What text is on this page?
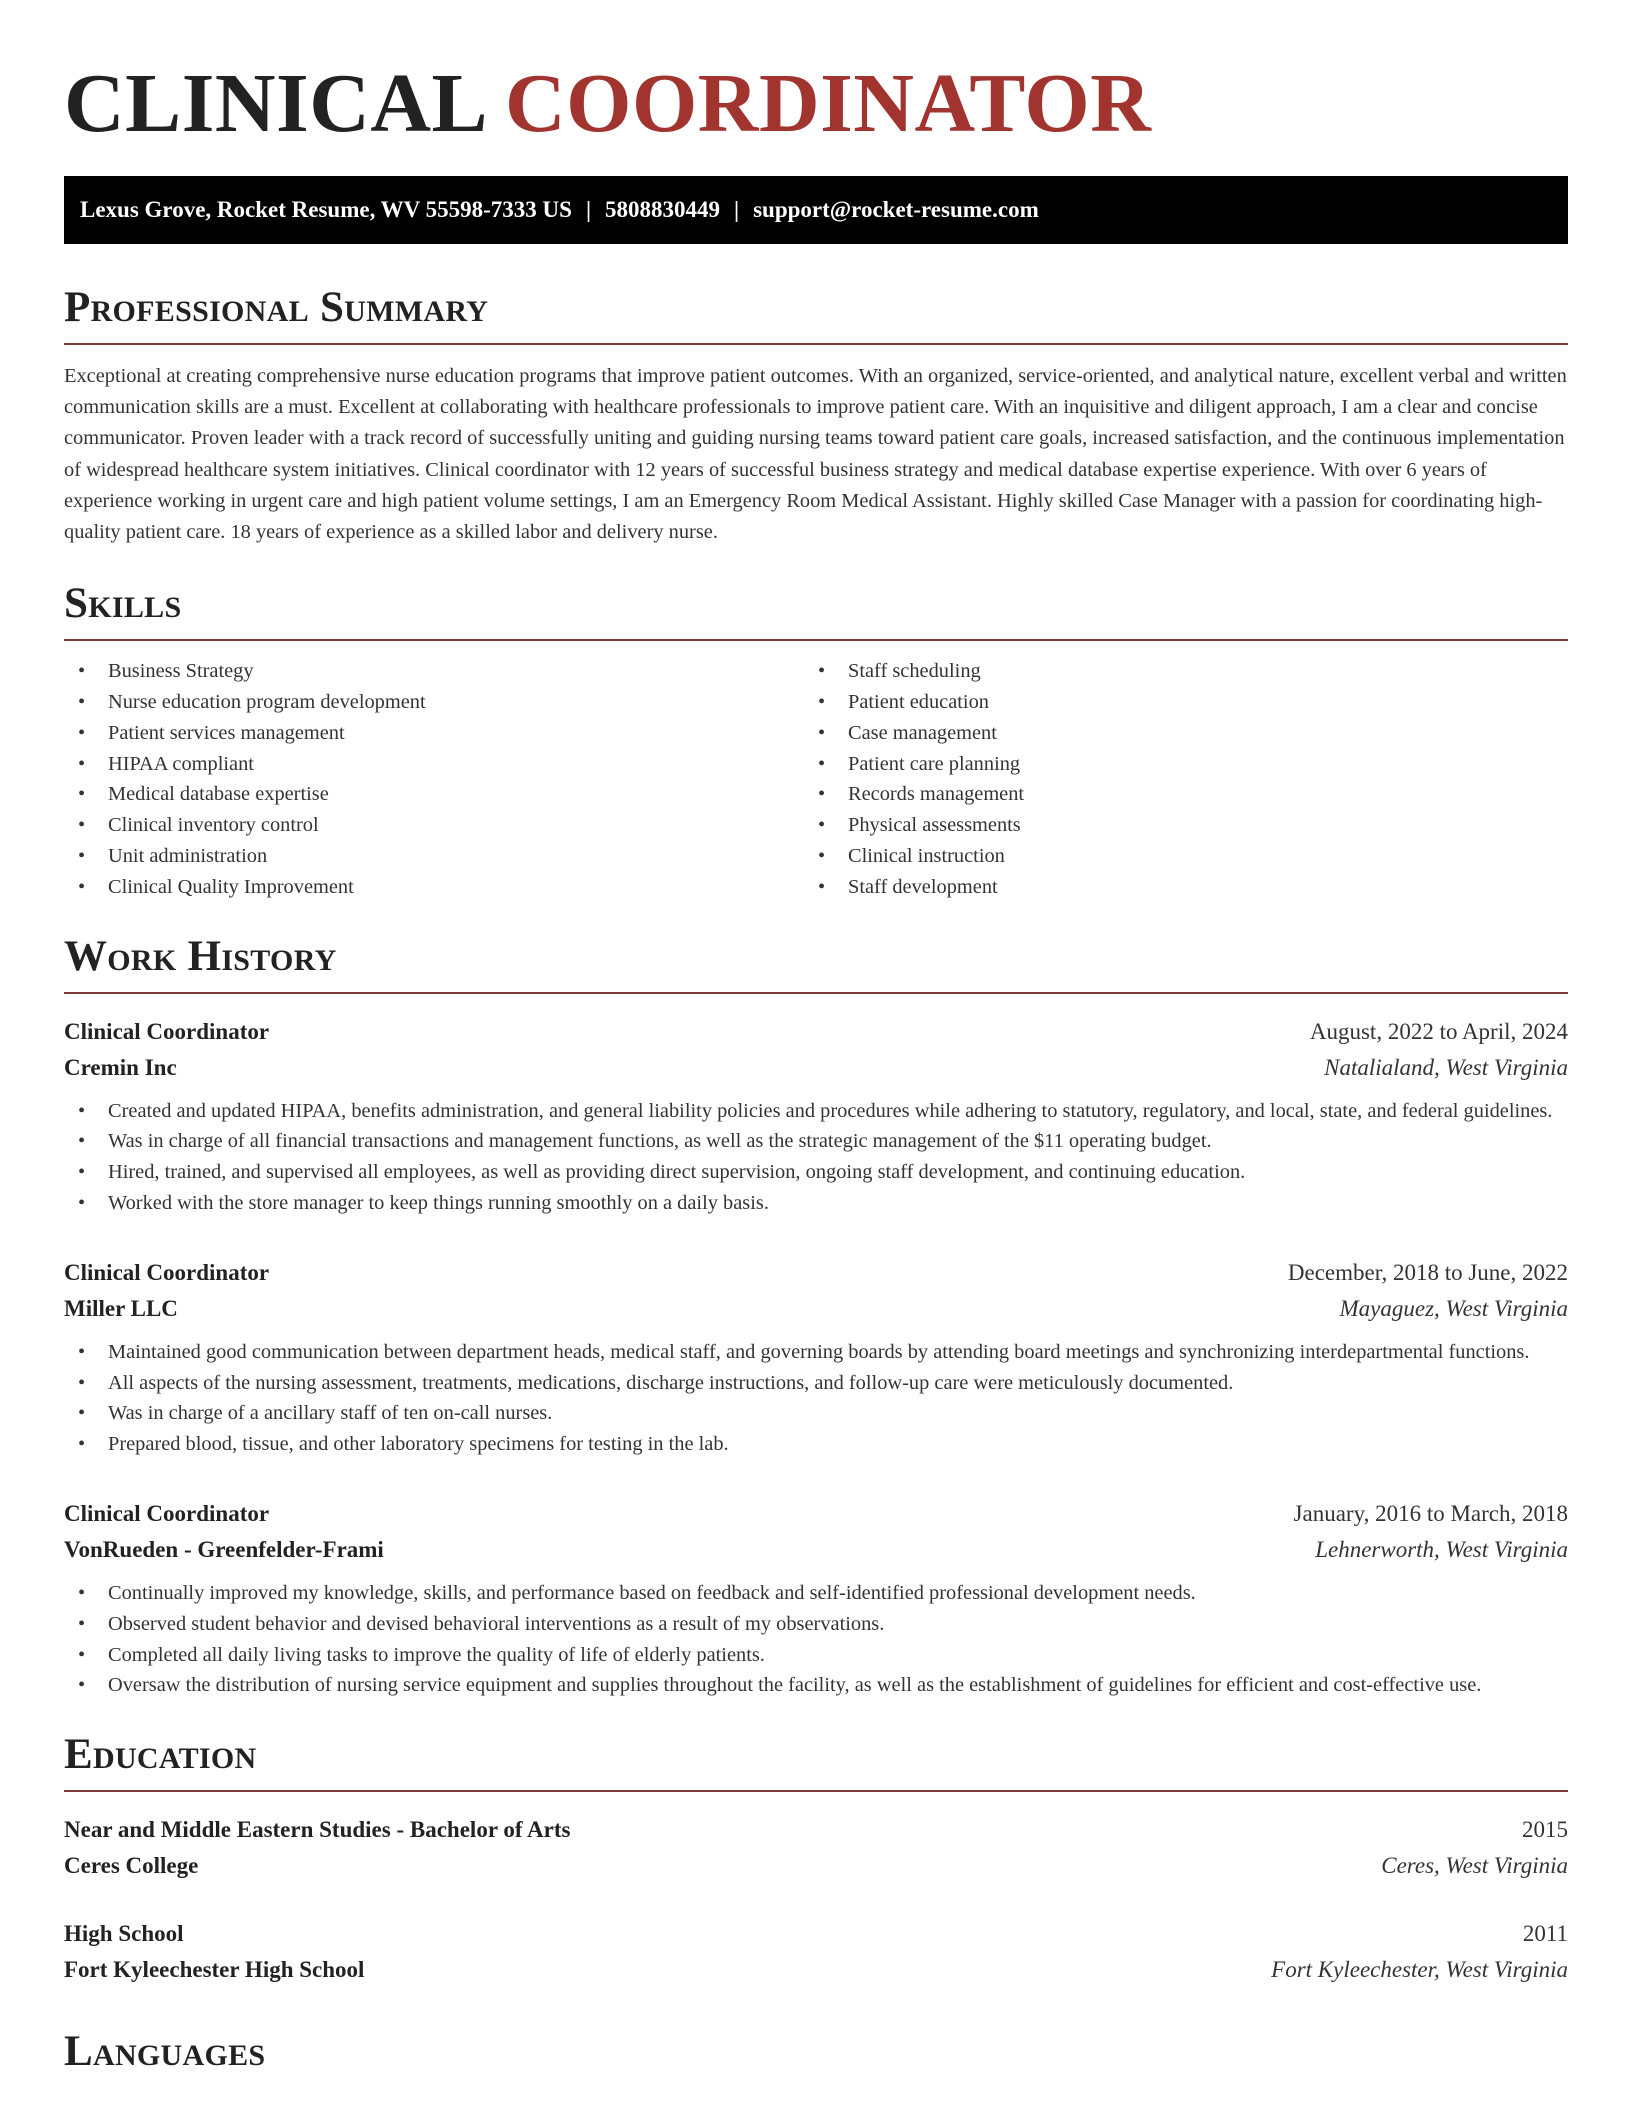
CLINICAL COORDINATOR
Lexus Grove, Rocket Resume, WV 55598-7333 US | 5808830449 | support@rocket-resume.com
Professional Summary

Exceptional at creating comprehensive nurse education programs that improve patient outcomes. With an organized, service-oriented, and analytical nature, excellent verbal and written communication skills are a must. Excellent at collaborating with healthcare professionals to improve patient care. With an inquisitive and diligent approach, I am a clear and concise communicator. Proven leader with a track record of successfully uniting and guiding nursing teams toward patient care goals, increased satisfaction, and the continuous implementation of widespread healthcare system initiatives. Clinical coordinator with 12 years of successful business strategy and medical database expertise experience. With over 6 years of experience working in urgent care and high patient volume settings, I am an Emergency Room Medical Assistant. Highly skilled Case Manager with a passion for coordinating high-quality patient care. 18 years of experience as a skilled labor and delivery nurse.

Skills
• Business Strategy
• Nurse education program development
• Patient services management
• HIPAA compliant
• Medical database expertise
• Clinical inventory control
• Unit administration
• Clinical Quality Improvement
• Staff scheduling
• Patient education
• Case management
• Patient care planning
• Records management
• Physical assessments
• Clinical instruction
• Staff development
Work History
Clinical Coordinator	August, 2022 to April, 2024
Cremin Inc	Natalialand, West Virginia
• Created and updated HIPAA, benefits administration, and general liability policies and procedures while adhering to statutory, regulatory, and local, state, and federal guidelines.
• Was in charge of all financial transactions and management functions, as well as the strategic management of the $11 operating budget.
• Hired, trained, and supervised all employees, as well as providing direct supervision, ongoing staff development, and continuing education.
• Worked with the store manager to keep things running smoothly on a daily basis.
Clinical Coordinator	December, 2018 to June, 2022
Miller LLC	Mayaguez, West Virginia
• Maintained good communication between department heads, medical staff, and governing boards by attending board meetings and synchronizing interdepartmental functions.
• All aspects of the nursing assessment, treatments, medications, discharge instructions, and follow-up care were meticulously documented.
• Was in charge of a ancillary staff of ten on-call nurses.
• Prepared blood, tissue, and other laboratory specimens for testing in the lab.
Clinical Coordinator	January, 2016 to March, 2018
VonRueden - Greenfelder-Frami	Lehnerworth, West Virginia
• Continually improved my knowledge, skills, and performance based on feedback and self-identified professional development needs.
• Observed student behavior and devised behavioral interventions as a result of my observations.
• Completed all daily living tasks to improve the quality of life of elderly patients.
• Oversaw the distribution of nursing service equipment and supplies throughout the facility, as well as the establishment of guidelines for efficient and cost-effective use.
Education
Near and Middle Eastern Studies - Bachelor of Arts	2015
Ceres College	Ceres, West Virginia
High School	2011
Fort Kyleechester High School	Fort Kyleechester, West Virginia
Languages
